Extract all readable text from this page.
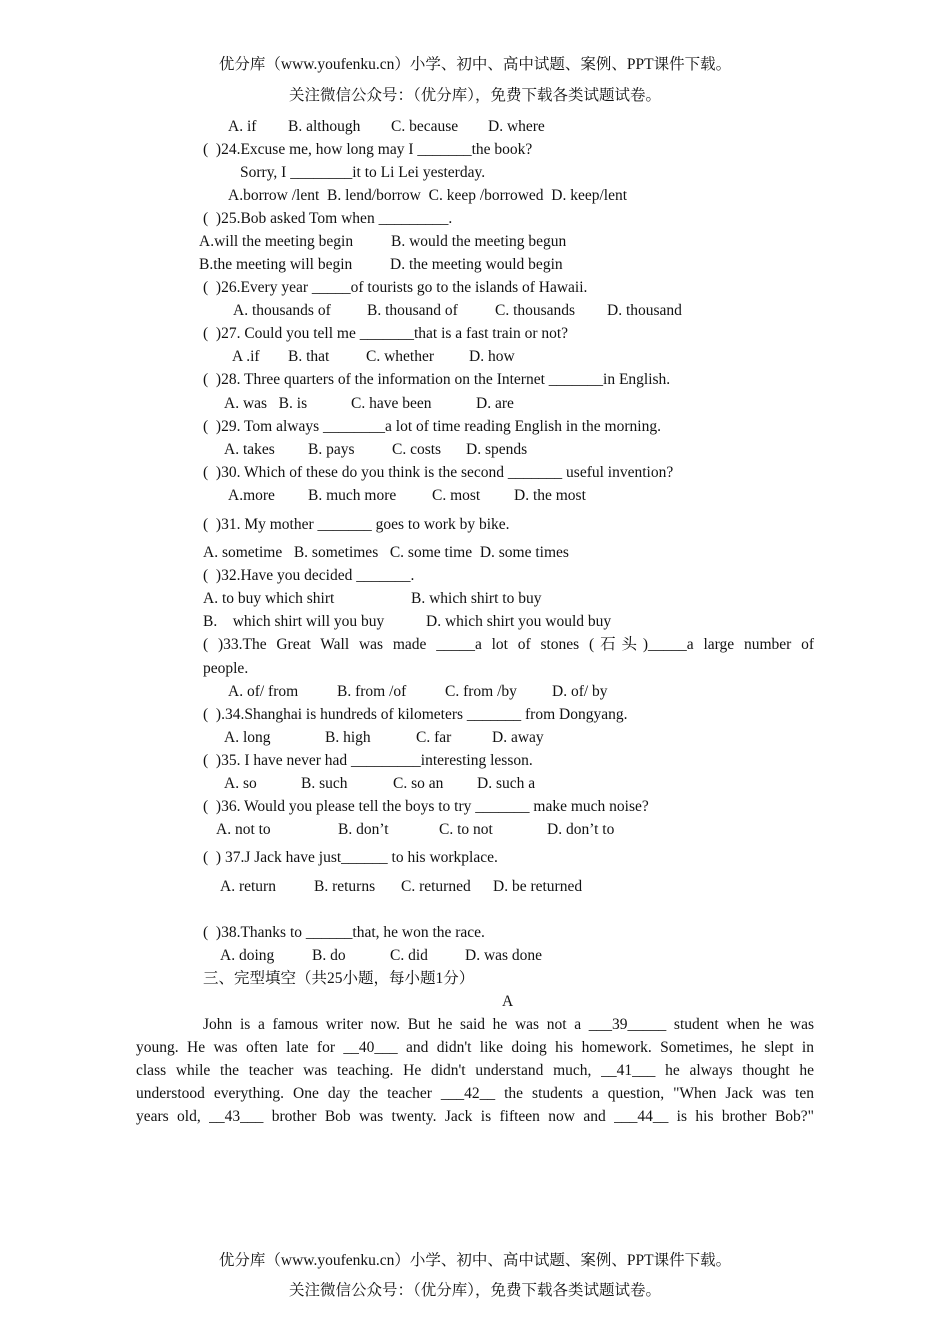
优分库（www.youfenku.cn）小学、初中、高中试题、案例、PPT课件下载。
关注微信公众号：（优分库），免费下载各类试题试卷。
A. if B. although C. because D. where
(  )24.Excuse me, how long may I _______the book?
Sorry, I ________it to Li Lei yesterday.
A.borrow /lent  B. lend/borrow  C. keep /borrowed  D. keep/lent
(  )25.Bob asked Tom when _________.
A.will the meeting begin B. would the meeting begun
B.the meeting will begin D. the meeting would begin
(  )26.Every year _____of tourists go to the islands of Hawaii.
A. thousands of B. thousand of C. thousands D. thousand
(  )27. Could you tell me _______that is a fast train or not?
A .if B. that C. whether D. how
(  )28. Three quarters of the information on the Internet _______in English.
A. was   B. is	C. have been	D. are
(  )29. Tom always ________a lot of time reading English in the morning.
A. takes B. pays C. costs D. spends
(  )30. Which of these do you think is the second _______ useful invention?
A.more B. much more C. most D. the most
(  )31. My mother _______ goes to work by bike.
A. sometime   B. sometimes   C. some time  D. some times
(  )32.Have you decided _______.
A. to buy which shirt	B. which shirt to buy
B.    which shirt will you buy	D. which shirt you would buy
( )33.The Great Wall was made _____a lot of stones (石头)_____a large number of
people.
A. of/ from	B. from /of C. from /by D. of/ by
(  ).34.Shanghai is hundreds of kilometers _______ from Dongyang.
A. long	B. high	C. far	D. away
(  )35. I have never had _________interesting lesson.
A. so	B. such	C. so an D. such a
(  )36. Would you please tell the boys to try _______ make much noise?
A. not to	B. don’t	C. to not	D. don’t to
(  ) 37.J Jack have just______ to his workplace.
A. return B. returns C. returned D. be returned
(  )38.Thanks to ______that, he won the race.
A. doing B. do	C. did D. was done
三、完型填空（共25小题，每小题1分）
A
John is a famous writer now. But he said he was not a ___39_____ student when he was
young. He was often late for __40___ and didn't like doing his homework. Sometimes, he slept in
class while the teacher was teaching. He didn't understand much, __41___ he always thought he
understood everything. One day the teacher ___42__ the students a question, "When Jack was ten
years old, __43___ brother Bob was twenty. Jack is fifteen now and ___44__ is his brother Bob?"
优分库（www.youfenku.cn）小学、初中、高中试题、案例、PPT课件下载。
关注微信公众号：（优分库），免费下载各类试题试卷。
